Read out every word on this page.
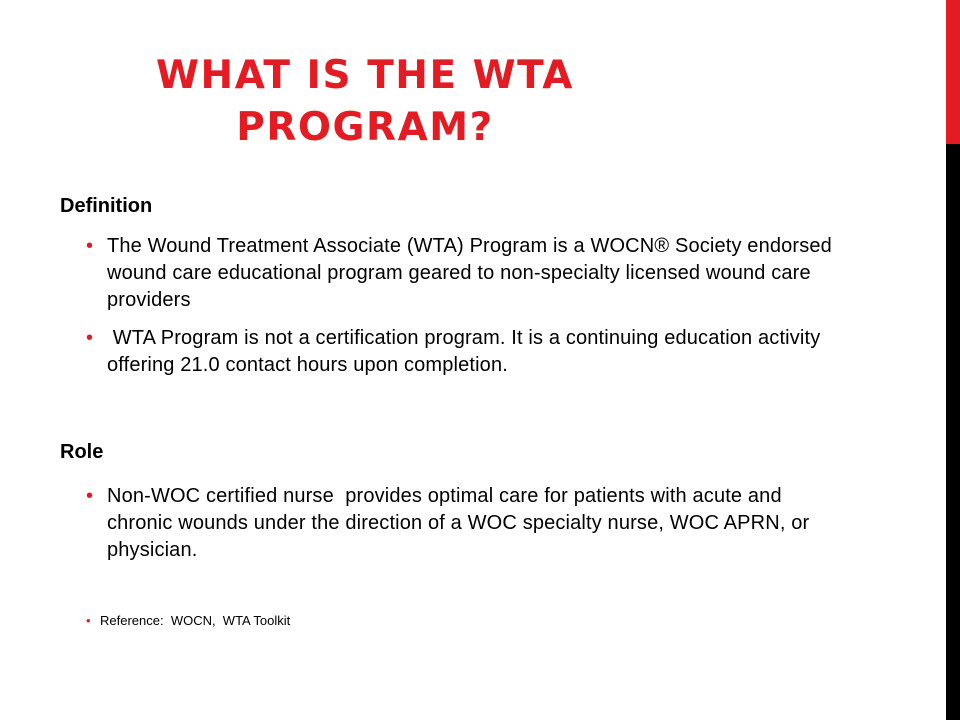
WHAT IS THE WTA
PROGRAM?
Definition
• The Wound Treatment Associate (WTA) Program is a WOCN® Society endorsed wound care educational program geared to non-specialty licensed wound care providers
• WTA Program is not a certification program. It is a continuing education activity offering 21.0 contact hours upon completion.
Role
• Non-WOC certified nurse  provides optimal care for patients with acute and chronic wounds under the direction of a WOC specialty nurse, WOC APRN, or physician.

• Reference:  WOCN,  WTA Toolkit
